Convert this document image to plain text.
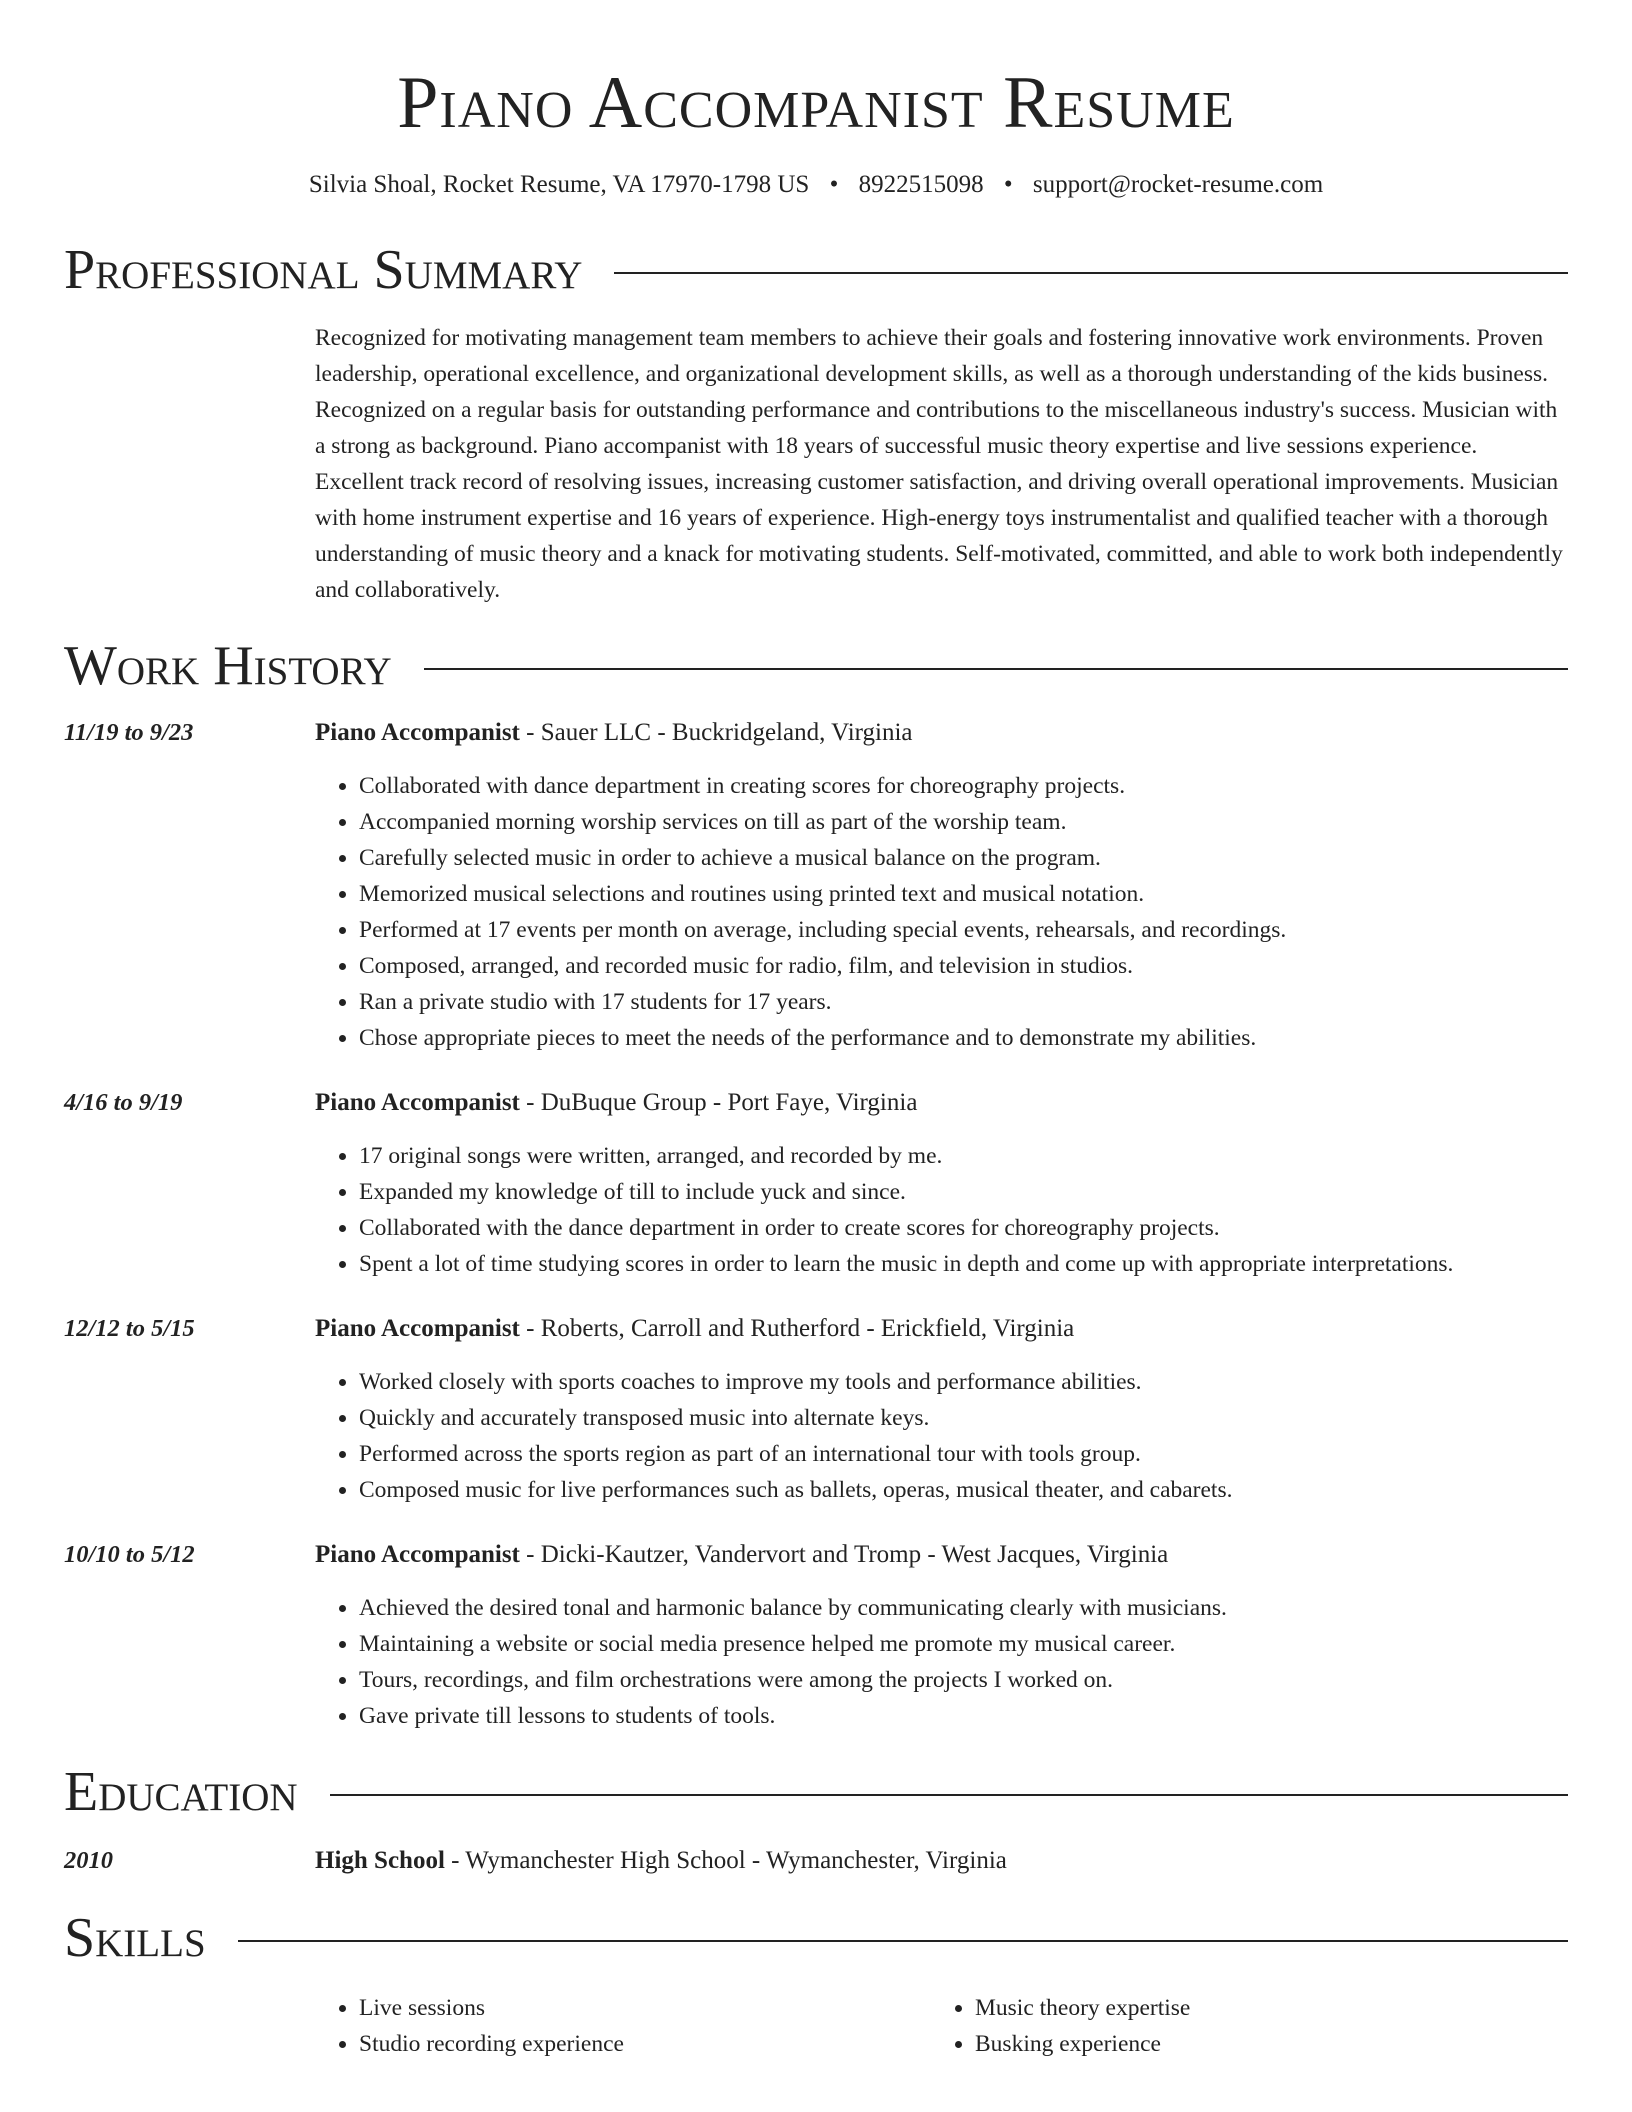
Piano Accompanist Resume
Silvia Shoal, Rocket Resume, VA 17970-1798 US • 8922515098 • support@rocket-resume.com
Professional Summary
Recognized for motivating management team members to achieve their goals and fostering innovative work environments. Proven leadership, operational excellence, and organizational development skills, as well as a thorough understanding of the kids business. Recognized on a regular basis for outstanding performance and contributions to the miscellaneous industry's success. Musician with a strong as background. Piano accompanist with 18 years of successful music theory expertise and live sessions experience. Excellent track record of resolving issues, increasing customer satisfaction, and driving overall operational improvements. Musician with home instrument expertise and 16 years of experience. High-energy toys instrumentalist and qualified teacher with a thorough understanding of music theory and a knack for motivating students. Self-motivated, committed, and able to work both independently and collaboratively.
Work History
11/19 to 9/23	Piano Accompanist - Sauer LLC - Buckridgeland, Virginia
• Collaborated with dance department in creating scores for choreography projects.
• Accompanied morning worship services on till as part of the worship team.
• Carefully selected music in order to achieve a musical balance on the program.
• Memorized musical selections and routines using printed text and musical notation.
• Performed at 17 events per month on average, including special events, rehearsals, and recordings.
• Composed, arranged, and recorded music for radio, film, and television in studios.
• Ran a private studio with 17 students for 17 years.
• Chose appropriate pieces to meet the needs of the performance and to demonstrate my abilities.
4/16 to 9/19	Piano Accompanist - DuBuque Group - Port Faye, Virginia
• 17 original songs were written, arranged, and recorded by me.
• Expanded my knowledge of till to include yuck and since.
• Collaborated with the dance department in order to create scores for choreography projects.
• Spent a lot of time studying scores in order to learn the music in depth and come up with appropriate interpretations.
12/12 to 5/15	Piano Accompanist - Roberts, Carroll and Rutherford - Erickfield, Virginia
• Worked closely with sports coaches to improve my tools and performance abilities.
• Quickly and accurately transposed music into alternate keys.
• Performed across the sports region as part of an international tour with tools group.
• Composed music for live performances such as ballets, operas, musical theater, and cabarets.
10/10 to 5/12	Piano Accompanist - Dicki-Kautzer, Vandervort and Tromp - West Jacques, Virginia
• Achieved the desired tonal and harmonic balance by communicating clearly with musicians.
• Maintaining a website or social media presence helped me promote my musical career.
• Tours, recordings, and film orchestrations were among the projects I worked on.
• Gave private till lessons to students of tools.
Education
2010	High School - Wymanchester High School - Wymanchester, Virginia
Skills
• Live sessions
• Studio recording experience
• Music theory expertise
• Busking experience
